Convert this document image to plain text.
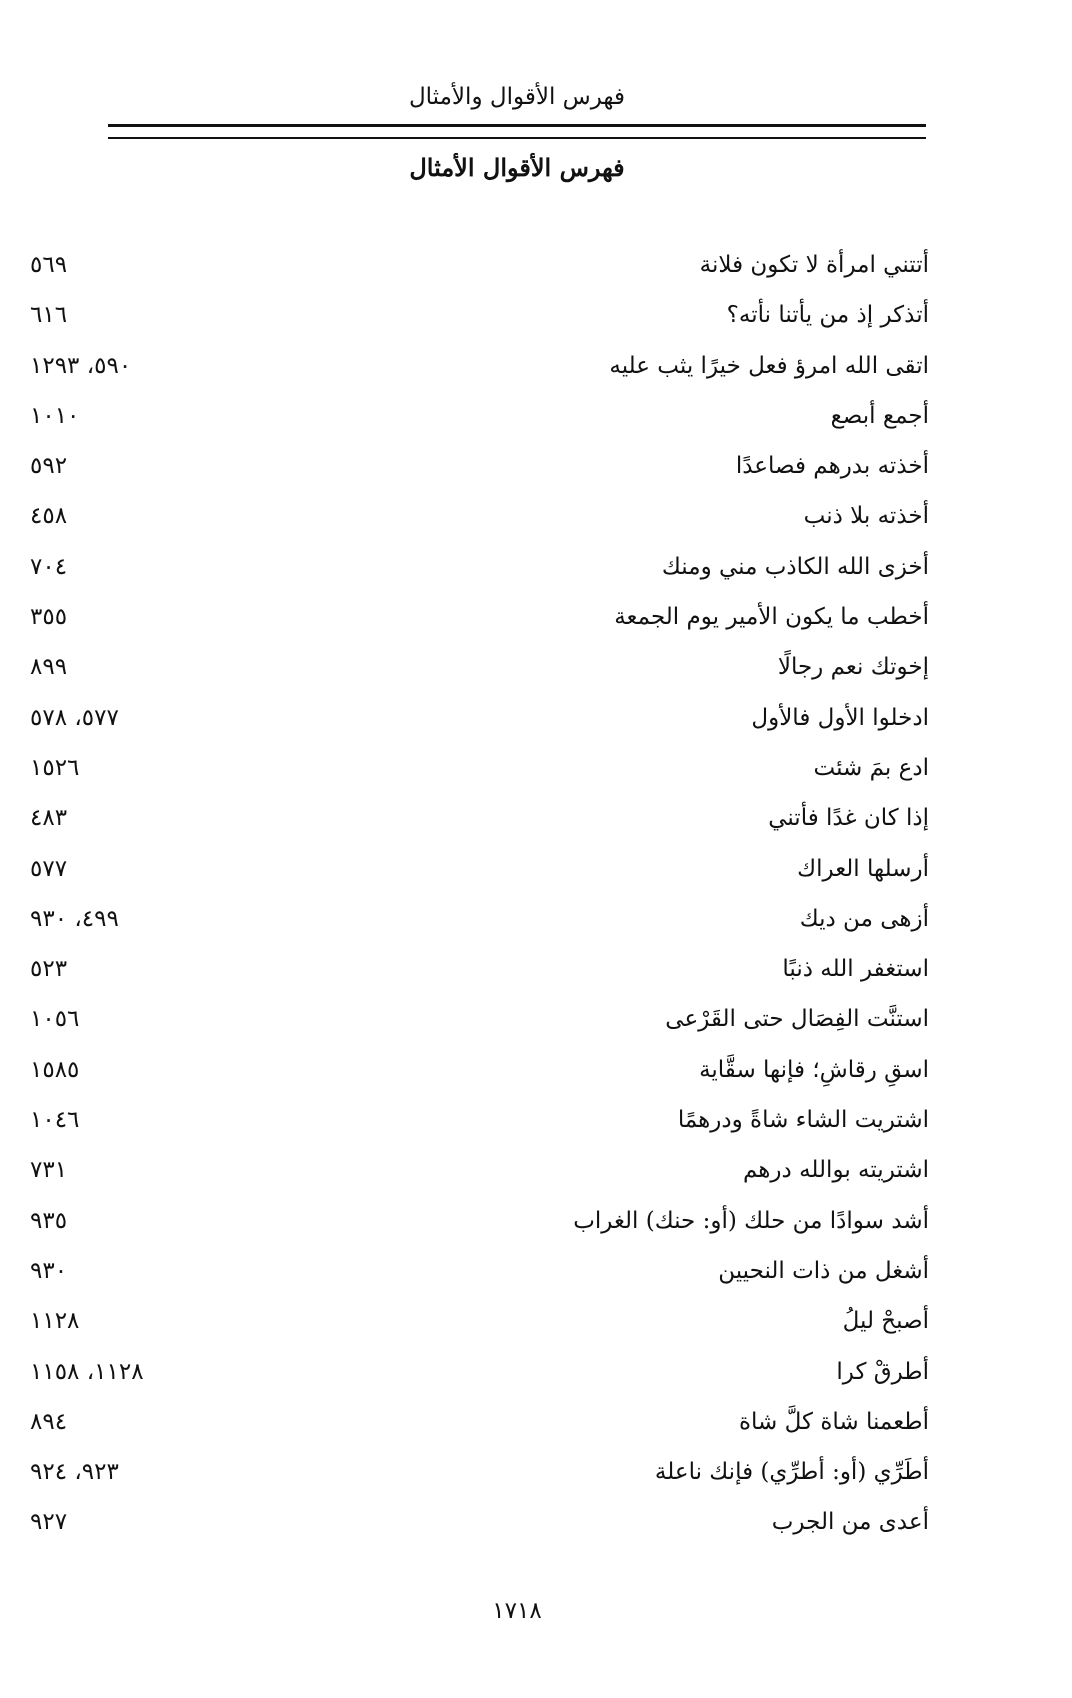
فهرس الأقوال والأمثال
فهرس الأقوال الأمثال
أتتني امرأة لا تكون فلانة
٥٦٩
أتذكر إذ من يأتنا نأته؟
٦١٦
اتقى الله امرؤ فعل خيرًا يثب عليه
٥٩٠، ١٢٩٣
أجمع أبصع
١٠١٠
أخذته بدرهم فصاعدًا
٥٩٢
أخذته بلا ذنب
٤٥٨
أخزى الله الكاذب مني ومنك
٧٠٤
أخطب ما يكون الأمير يوم الجمعة
٣٥٥
إخوتك نعم رجالًا
٨٩٩
ادخلوا الأول فالأول
٥٧٧، ٥٧٨
ادع بمَ شئت
١٥٢٦
إذا كان غدًا فأتني
٤٨٣
أرسلها العراك
٥٧٧
أزهى من ديك
٤٩٩، ٩٣٠
استغفر الله ذنبًا
٥٢٣
استنَّت الفِصَال حتى القَرْعى
١٠٥٦
اسقِ رقاشِ؛ فإنها سقَّاية
١٥٨٥
اشتريت الشاء شاةً ودرهمًا
١٠٤٦
اشتريته بوالله درهم
٧٣١
أشد سوادًا من حلك (أو: حنك) الغراب
٩٣٥
أشغل من ذات النحيين
٩٣٠
أصبحْ ليلُ
١١٢٨
أطرقْ كرا
١١٢٨، ١١٥٨
أطعمنا شاة كلَّ شاة
٨٩٤
أطَرِّي (أو: أطرِّي) فإنك ناعلة
٩٢٣، ٩٢٤
أعدى من الجرب
٩٢٧
١٧١٨
